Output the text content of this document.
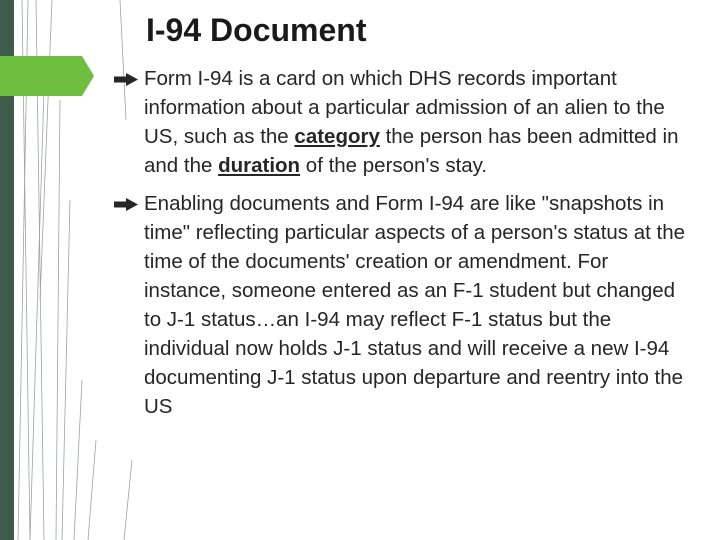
I-94 Document
Form I-94 is a card on which DHS records important information about a particular admission of an alien to the US, such as the category the person has been admitted in and the duration of the person's stay.
Enabling documents and Form I-94 are like "snapshots in time" reflecting particular aspects of a person's status at the time of the documents' creation or amendment. For instance, someone entered as an F-1 student but changed to J-1 status…an I-94 may reflect F-1 status but the individual now holds J-1 status and will receive a new I-94 documenting J-1 status upon departure and reentry into the US
